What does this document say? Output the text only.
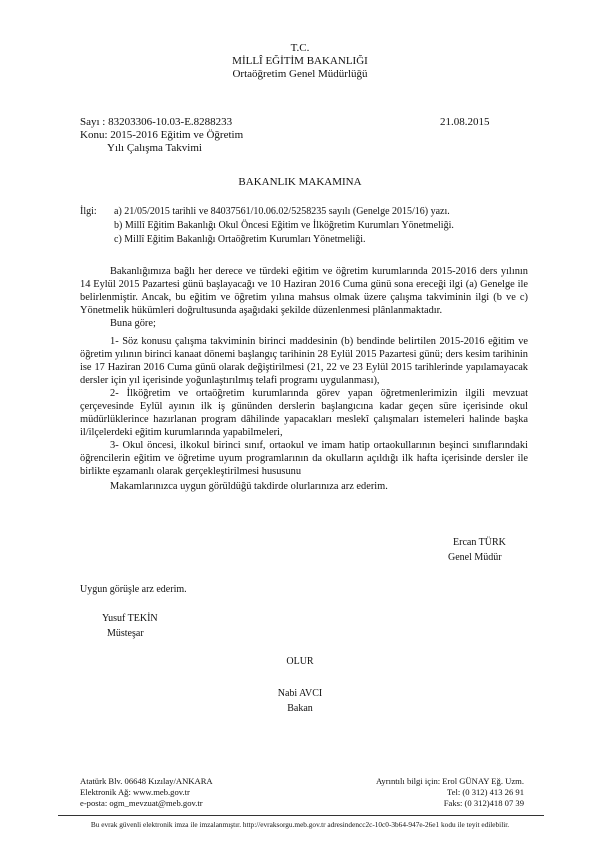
T.C.
MİLLÎ EĞİTİM BAKANLIĞI
Ortaöğretim Genel Müdürlüğü
Sayı : 83203306-10.03-E.8288233	21.08.2015
Konu: 2015-2016 Eğitim ve Öğretim
Yılı Çalışma Takvimi
BAKANLIK MAKAMINA
İlgi: a) 21/05/2015 tarihli ve 84037561/10.06.02/5258235 sayılı (Genelge 2015/16) yazı.
b) Millî Eğitim Bakanlığı Okul Öncesi Eğitim ve İlköğretim Kurumları Yönetmeliği.
c) Millî Eğitim Bakanlığı Ortaöğretim Kurumları Yönetmeliği.
Bakanlığımıza bağlı her derece ve türdeki eğitim ve öğretim kurumlarında 2015-2016 ders yılının 14 Eylül 2015 Pazartesi günü başlayacağı ve 10 Haziran 2016 Cuma günü sona ereceği ilgi (a) Genelge ile belirlenmiştir. Ancak, bu eğitim ve öğretim yılına mahsus olmak üzere çalışma takviminin ilgi (b ve c) Yönetmelik hükümleri doğrultusunda aşağıdaki şekilde düzenlenmesi plânlanmaktadır.
Buna göre;
1- Söz konusu çalışma takviminin birinci maddesinin (b) bendinde belirtilen 2015-2016 eğitim ve öğretim yılının birinci kanaat dönemi başlangıç tarihinin 28 Eylül 2015 Pazartesi günü; ders kesim tarihinin ise 17 Haziran 2016 Cuma günü olarak değiştirilmesi (21, 22 ve 23 Eylül 2015 tarihlerinde yapılamayacak dersler için yıl içerisinde yoğunlaştırılmış telafi programı uygulanması),
2- İlköğretim ve ortaöğretim kurumlarında görev yapan öğretmenlerimizin ilgili mevzuat çerçevesinde Eylül ayının ilk iş gününden derslerin başlangıcına kadar geçen süre içerisinde okul müdürlüklerince hazırlanan program dâhilinde yapacakları meslekî çalışmaları istemeleri halinde başka il/ilçelerdeki eğitim kurumlarında yapabilmeleri,
3- Okul öncesi, ilkokul birinci sınıf, ortaokul ve imam hatip ortaokullarının beşinci sınıflarındaki öğrencilerin eğitim ve öğretime uyum programlarının da okulların açıldığı ilk hafta içerisinde dersler ile birlikte eşzamanlı olarak gerçekleştirilmesi hususunu
Makamlarınızca uygun görüldüğü takdirde olurlarınıza arz ederim.
Ercan TÜRK
Genel Müdür
Uygun görüşle arz ederim.
Yusuf TEKİN
Müsteşar
OLUR
Nabi AVCI
Bakan
Atatürk Blv. 06648 Kızılay/ANKARA
Elektronik Ağ: www.meb.gov.tr
e-posta: ogm_mevzuat@meb.gov.tr
Ayrıntılı bilgi için: Erol GÜNAY Eğ. Uzm.
Tel: (0 312) 413 26 91
Faks: (0 312)418 07 39
Bu evrak güvenli elektronik imza ile imzalanmıştır. http://evraksorgu.meb.gov.tr adresindencc2c-10c0-3b64-947e-26e1 kodu ile teyit edilebilir.
